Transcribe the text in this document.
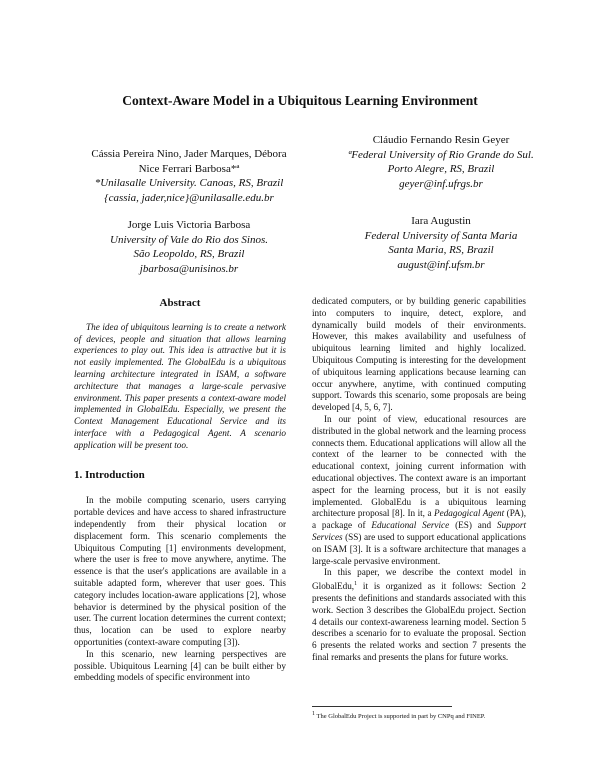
Context-Aware Model in a Ubiquitous Learning Environment
Cássia Pereira Nino, Jader Marques, Débora
Nice Ferrari Barbosa*ª
*Unilasalle University. Canoas, RS, Brazil
{cassia, jader,nice}@unilasalle.edu.br
Cláudio Fernando Resin Geyer
ªFederal University of Rio Grande do Sul.
Porto Alegre, RS, Brazil
geyer@inf.ufrgs.br
Jorge Luis Victoria Barbosa
University of Vale do Rio dos Sinos.
São Leopoldo, RS, Brazil
jbarbosa@unisinos.br
Iara Augustin
Federal University of Santa Maria
Santa Maria, RS, Brazil
august@inf.ufsm.br
Abstract

The idea of ubiquitous learning is to create a network of devices, people and situation that allows learning experiences to play out. This idea is attractive but it is not easily implemented. The GlobalEdu is a ubiquitous learning architecture integrated in ISAM, a software architecture that manages a large-scale pervasive environment. This paper presents a context-aware model implemented in GlobalEdu. Especially, we present the Context Management Educational Service and its interface with a Pedagogical Agent. A scenario application will be present too.

1. Introduction

In the mobile computing scenario, users carrying portable devices and have access to shared infrastructure independently from their physical location or displacement form. This scenario complements the Ubiquitous Computing [1] environments development, where the user is free to move anywhere, anytime. The essence is that the user's applications are available in a suitable adapted form, wherever that user goes. This category includes location-aware applications [2], whose behavior is determined by the physical position of the user. The current location determines the current context; thus, location can be used to explore nearby opportunities (context-aware computing [3]).

In this scenario, new learning perspectives are possible. Ubiquitous Learning [4] can be built either by embedding models of specific environment into

dedicated computers, or by building generic capabilities into computers to inquire, detect, explore, and dynamically build models of their environments. However, this makes availability and usefulness of ubiquitous learning limited and highly localized. Ubiquitous Computing is interesting for the development of ubiquitous learning applications because learning can occur anywhere, anytime, with continued computing support. Towards this scenario, some proposals are being developed [4, 5, 6, 7].

In our point of view, educational resources are distributed in the global network and the learning process connects them. Educational applications will allow all the context of the learner to be connected with the educational context, joining current information with educational objectives. The context aware is an important aspect for the learning process, but it is not easily implemented. GlobalEdu is a ubiquitous learning architecture proposal [8]. In it, a Pedagogical Agent (PA), a package of Educational Service (ES) and Support Services (SS) are used to support educational applications on ISAM [3]. It is a software architecture that manages a large-scale pervasive environment.

In this paper, we describe the context model in GlobalEdu,$^1$ it is organized as it follows: Section 2 presents the definitions and standards associated with this work. Section 3 describes the GlobalEdu project. Section 4 details our context-awareness learning model. Section 5 describes a scenario for to evaluate the proposal. Section 6 presents the related works and section 7 presents the final remarks and presents the plans for future works.

$^1$ The GlobalEdu Project is supported in part by CNPq and FINEP.
